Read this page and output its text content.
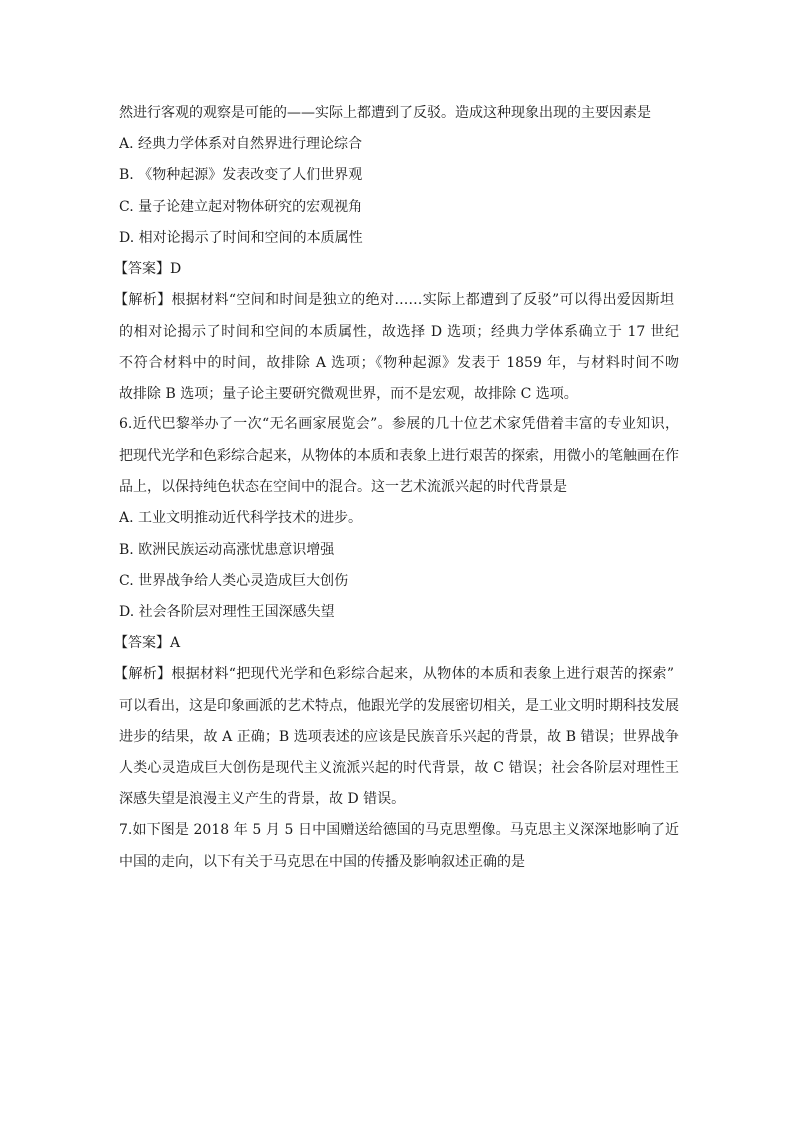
然进行客观的观察是可能的——实际上都遭到了反驳。造成这种现象出现的主要因素是
A. 经典力学体系对自然界进行理论综合
B. 《物种起源》发表改变了人们世界观
C. 量子论建立起对物体研究的宏观视角
D. 相对论揭示了时间和空间的本质属性
【答案】D
【解析】根据材料“空间和时间是独立的绝对……实际上都遭到了反驳”可以得出爱因斯坦
的相对论揭示了时间和空间的本质属性，故选择 D 选项；经典力学体系确立于 17 世纪
不符合材料中的时间，故排除 A 选项；《物种起源》发表于 1859 年，与材料时间不吻
故排除 B 选项；量子论主要研究微观世界，而不是宏观，故排除 C 选项。
6.近代巴黎举办了一次“无名画家展览会”。参展的几十位艺术家凭借着丰富的专业知识，
把现代光学和色彩综合起来，从物体的本质和表象上进行艰苦的探索，用微小的笔触画在作
品上，以保持纯色状态在空间中的混合。这一艺术流派兴起的时代背景是
A. 工业文明推动近代科学技术的进步。
B. 欧洲民族运动高涨忧患意识增强
C. 世界战争给人类心灵造成巨大创伤
D. 社会各阶层对理性王国深感失望
【答案】A
【解析】根据材料“把现代光学和色彩综合起来，从物体的本质和表象上进行艰苦的探索”
可以看出，这是印象画派的艺术特点，他跟光学的发展密切相关，是工业文明时期科技发展
进步的结果，故 A 正确；B 选项表述的应该是民族音乐兴起的背景，故 B 错误；世界战争
人类心灵造成巨大创伤是现代主义流派兴起的时代背景，故 C 错误；社会各阶层对理性王
深感失望是浪漫主义产生的背景，故 D 错误。
7.如下图是 2018 年 5 月 5 日中国赠送给德国的马克思塑像。马克思主义深深地影响了近
中国的走向，以下有关于马克思在中国的传播及影响叙述正确的是
